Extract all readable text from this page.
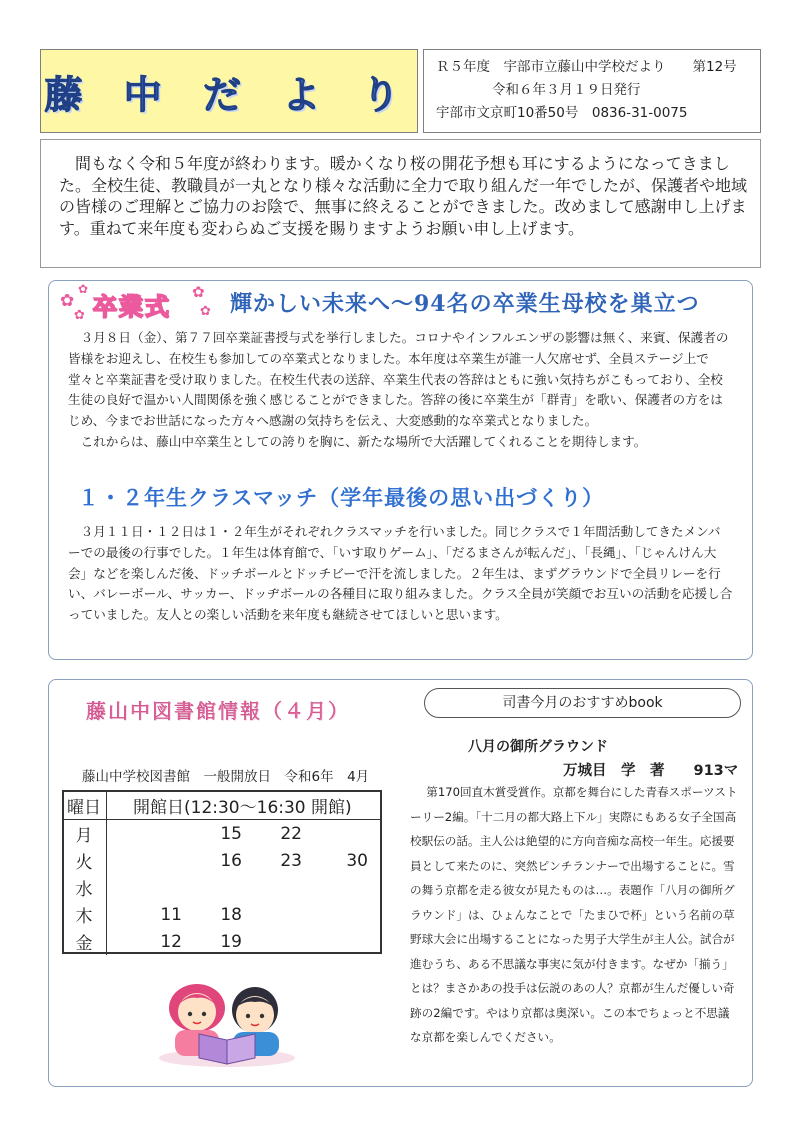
藤 中 だ よ り
Ｒ５年度　宇部市立藤山中学校だより　　第12号
令和６年３月１９日発行
宇部市文京町10番50号　0836-31-0075
間もなく令和５年度が終わります。暖かくなり桜の開花予想も耳にするようになってきました。全校生徒、教職員が一丸となり様々な活動に全力で取り組んだ一年でしたが、保護者や地域の皆様のご理解とご協力のお陰で、無事に終えることができました。改めまして感謝申し上げます。重ねて来年度も変わらぬご支援を賜りますようお願い申し上げます。
✿
✿
✿	✿
✿
卒業式	輝かしい未来へ～94名の卒業生母校を巣立つ
３月８日（金）、第７７回卒業証書授与式を挙行しました。コロナやインフルエンザの影響は無く、来賓、保護者の皆様をお迎えし、在校生も参加しての卒業式となりました。本年度は卒業生が誰一人欠席せず、全員ステージ上で堂々と卒業証書を受け取りました。在校生代表の送辞、卒業生代表の答辞はともに強い気持ちがこもっており、全校生徒の良好で温かい人間関係を強く感じることができました。答辞の後に卒業生が「群青」を歌い、保護者の方をはじめ、今までお世話になった方々へ感謝の気持ちを伝え、大変感動的な卒業式となりました。
これからは、藤山中卒業生としての誇りを胸に、新たな場所で大活躍してくれることを期待します。
１・２年生クラスマッチ（学年最後の思い出づくり）
３月１１日・１２日は１・２年生がそれぞれクラスマッチを行いました。同じクラスで１年間活動してきたメンバーでの最後の行事でした。１年生は体育館で、「いす取りゲーム」、「だるまさんが転んだ」、「長縄」、「じゃんけん大会」などを楽しんだ後、ドッチボールとドッチビーで汗を流しました。２年生は、まずグラウンドで全員リレーを行い、バレーボール、サッカー、ドッヂボールの各種目に取り組みました。クラス全員が笑顔でお互いの活動を応援し合っていました。友人との楽しい活動を来年度も継続させてほしいと思います。
藤山中図書館情報（４月）	司書今月のおすすめbook
藤山中学校図書館　一般開放日　令和6年　4月
曜日	開館日(12:30～16:30 開館)			
月		15	22	
火		16	23	30
水				
木	11	18		
金	12	19		
八月の御所グラウンド
万城目　学　著　　913マ
第170回直木賞受賞作。京都を舞台にした青春スポーツストーリー2編。「十二月の都大路上下ル」実際にもある女子全国高校駅伝の話。主人公は絶望的に方向音痴な高校一年生。応援要員として来たのに、突然ピンチランナーで出場することに。雪の舞う京都を走る彼女が見たものは…。表題作「八月の御所グラウンド」は、ひょんなことで「たまひで杯」という名前の草野球大会に出場することになった男子大学生が主人公。試合が進むうち、ある不思議な事実に気が付きます。なぜか「揃う」とは？まさかあの投手は伝説のあの人？京都が生んだ優しい奇跡の2編です。やはり京都は奥深い。この本でちょっと不思議な京都を楽しんでください。
